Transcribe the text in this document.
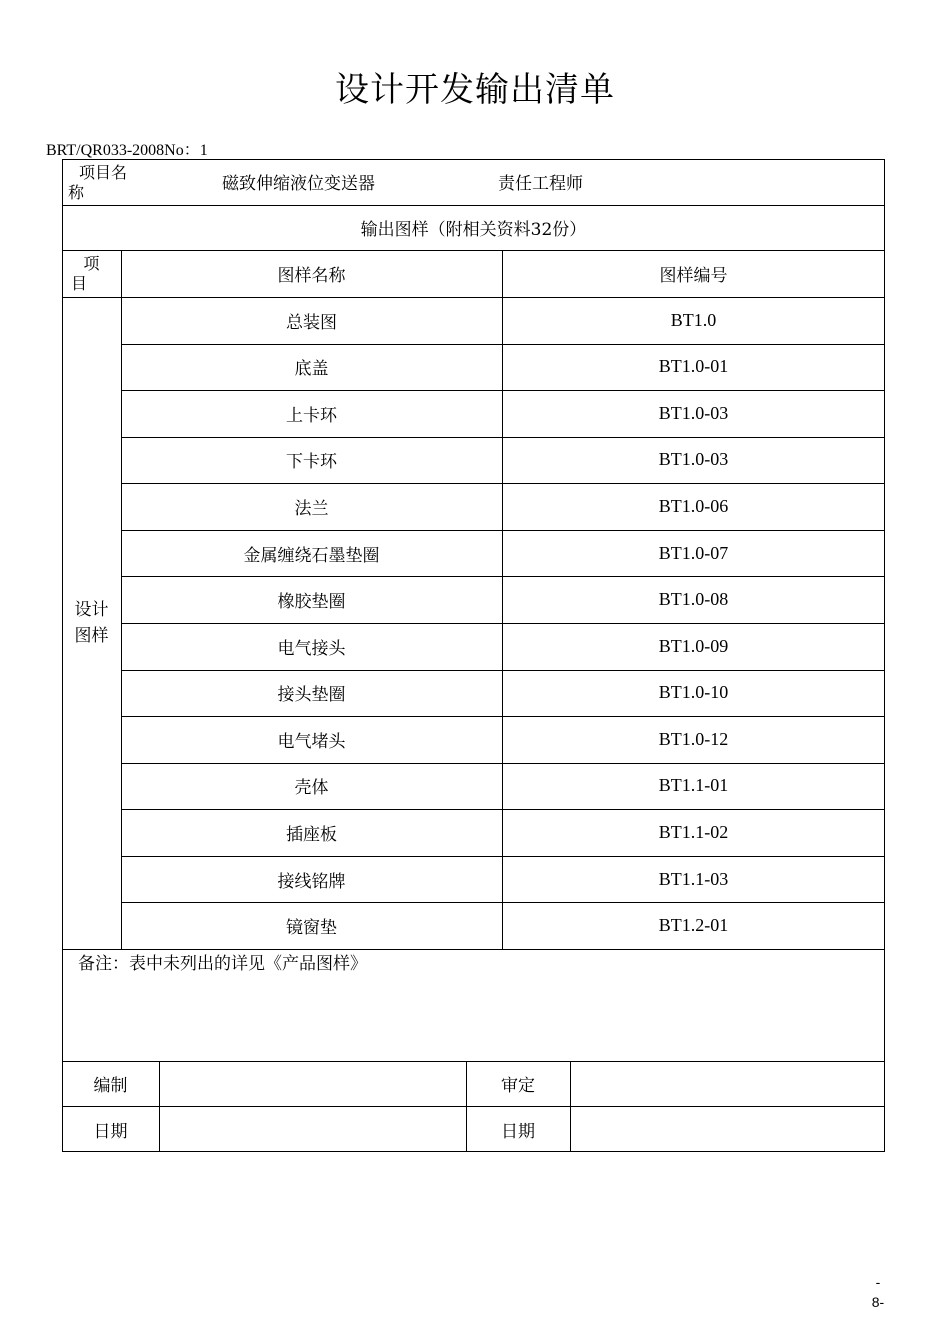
设计开发输出清单
BRT/QR033-2008No：1
项目名
称	磁致伸缩液位变送器	责任工程师
输出图样（附相关资料32份）
项
目	图样名称	图样编号
设计
图样
总装图	BT1.0
底盖	BT1.0-01
上卡环	BT1.0-03
下卡环	BT1.0-03
法兰	BT1.0-06
金属缠绕石墨垫圈	BT1.0-07
橡胶垫圈	BT1.0-08
电气接头	BT1.0-09
接头垫圈	BT1.0-10
电气堵头	BT1.0-12
壳体	BT1.1-01
插座板	BT1.1-02
接线铭牌	BT1.1-03
镜窗垫	BT1.2-01
备注：表中未列出的详见《产品图样》
编制	审定
日期	日期
-
8-
